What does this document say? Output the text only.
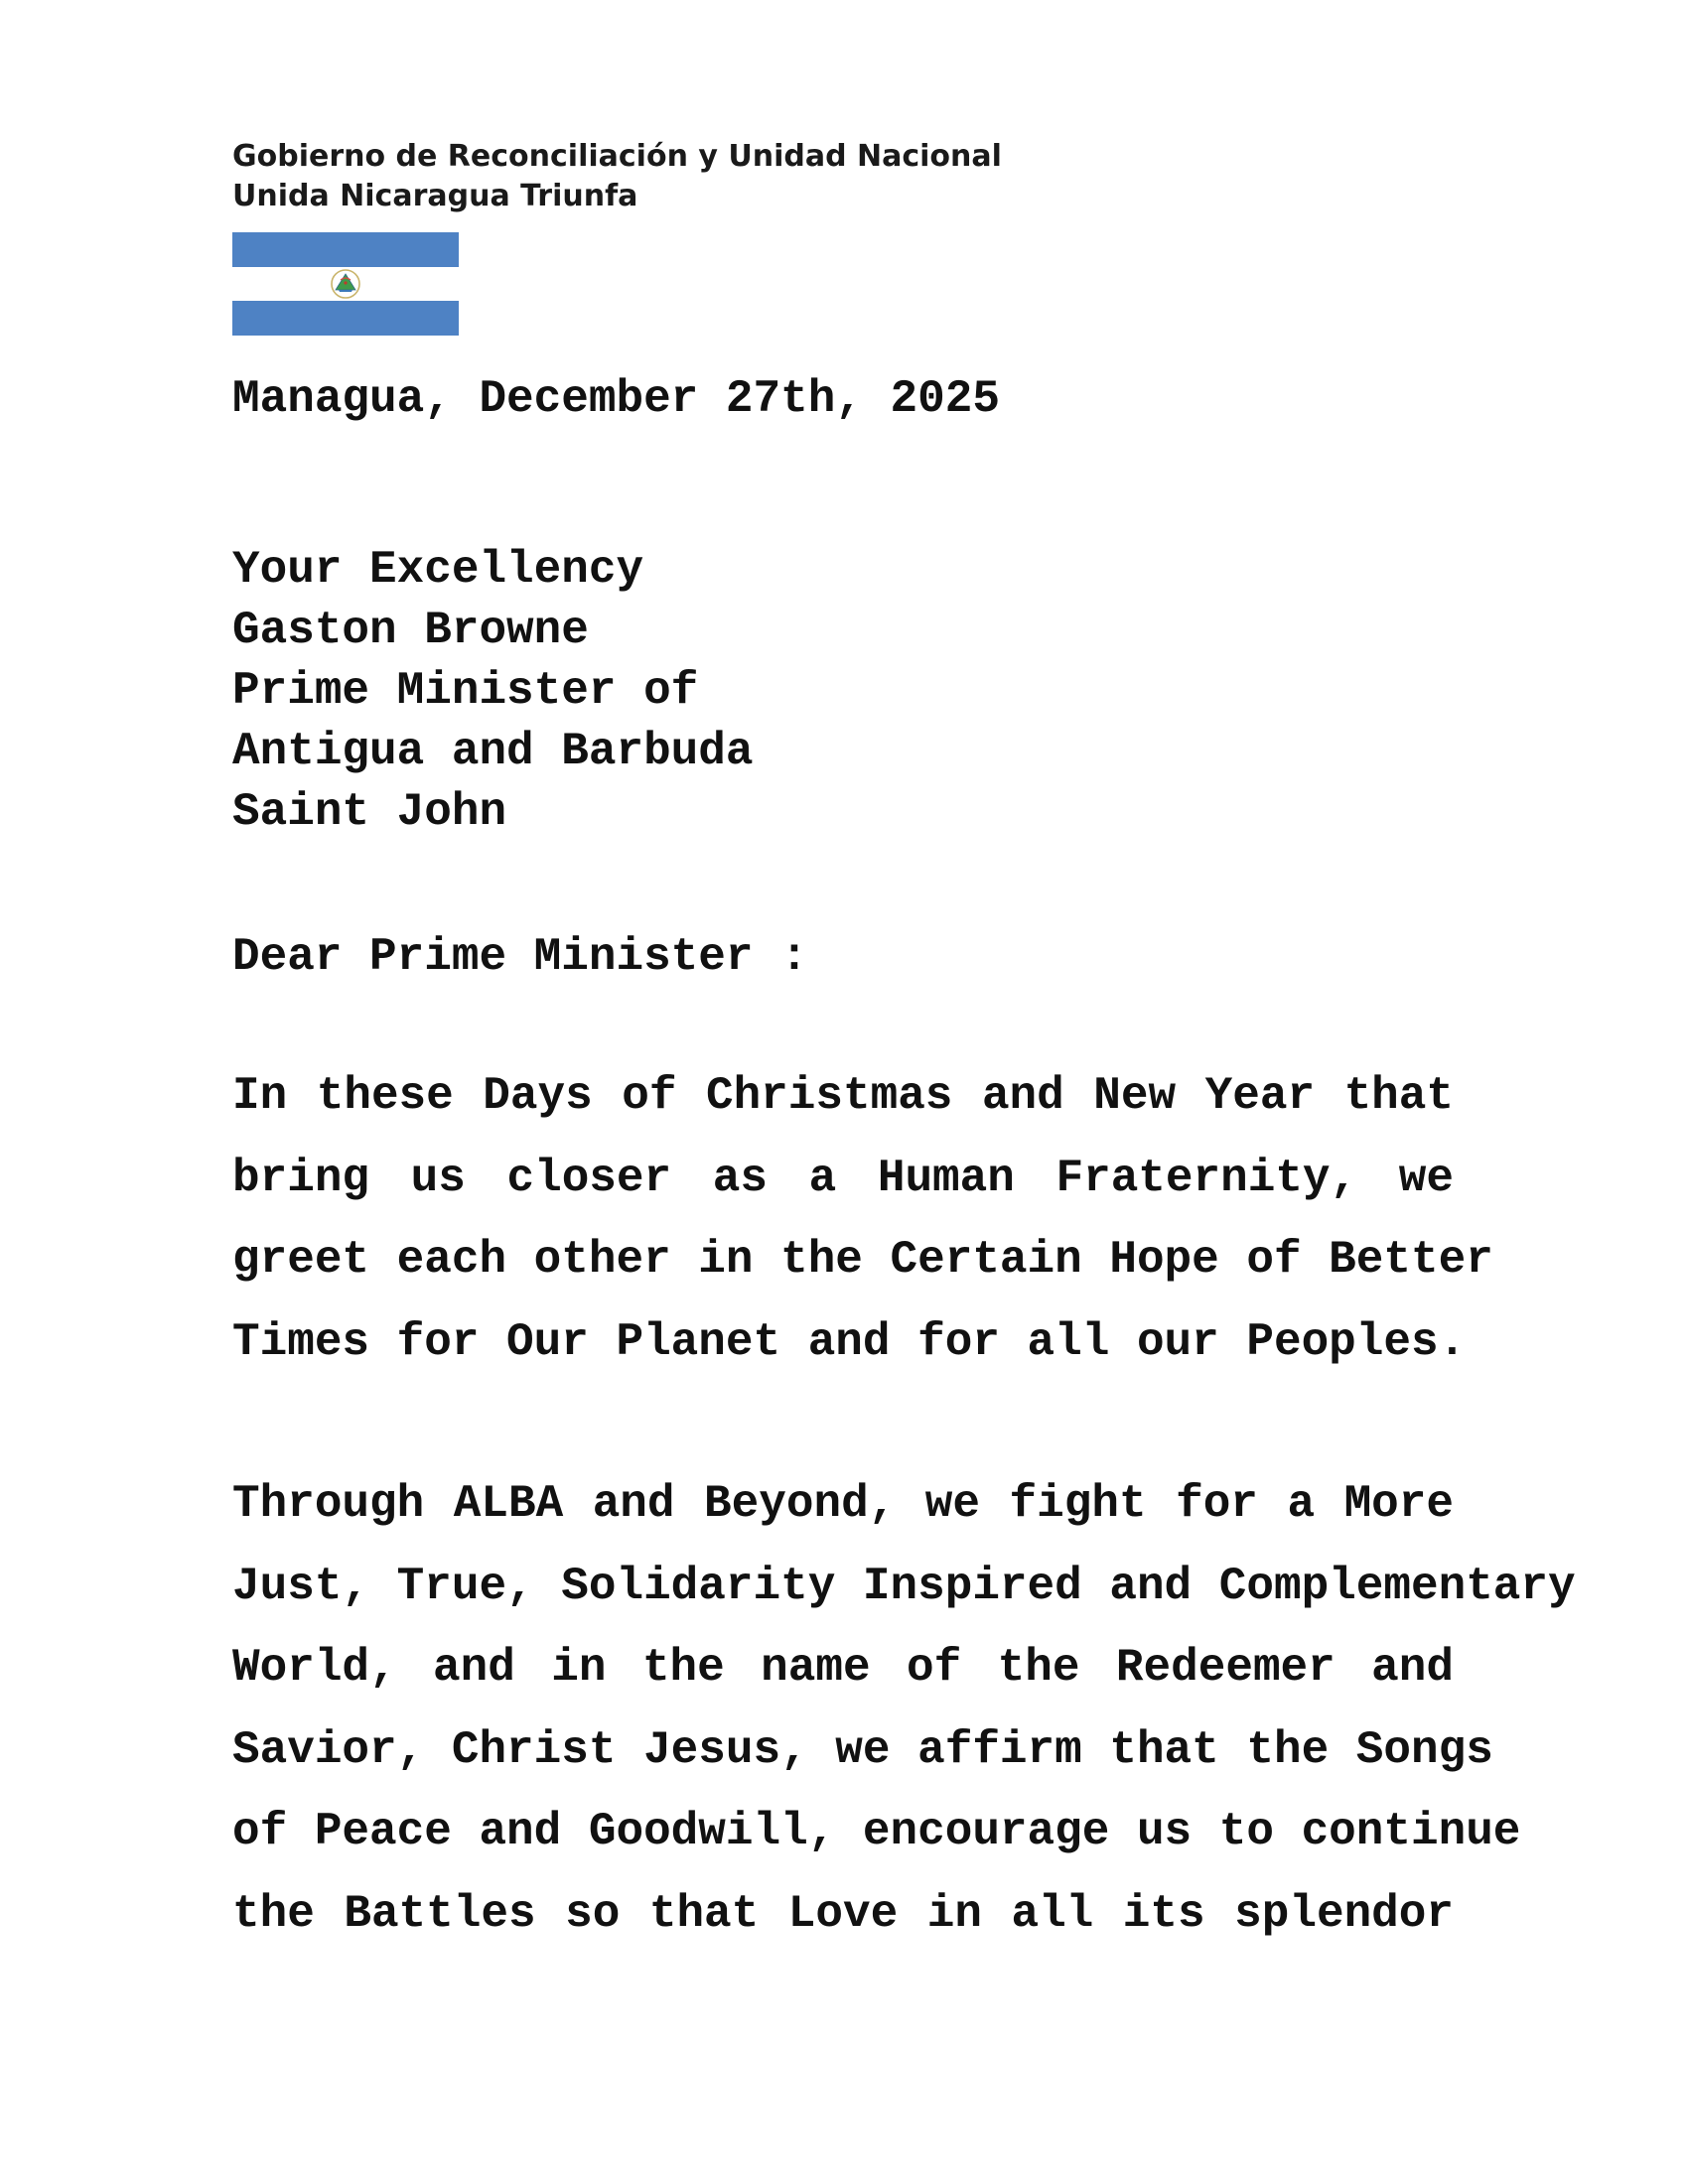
Gobierno de Reconciliación y Unidad Nacional
Unida Nicaragua Triunfa
Managua, December 27th, 2025
Your Excellency
Gaston Browne
Prime Minister of
Antigua and Barbuda
Saint John
Dear Prime Minister :
In these Days of Christmas and New Year that
bring us closer as a Human Fraternity, we
greet each other in the Certain Hope of Better
Times for Our Planet and for all our Peoples.
Through ALBA and Beyond, we fight for a More
Just, True, Solidarity Inspired and Complementary
World, and in the name of the Redeemer and
Savior, Christ Jesus, we affirm that the Songs
of Peace and Goodwill, encourage us to continue
the Battles so that Love in all its splendor
